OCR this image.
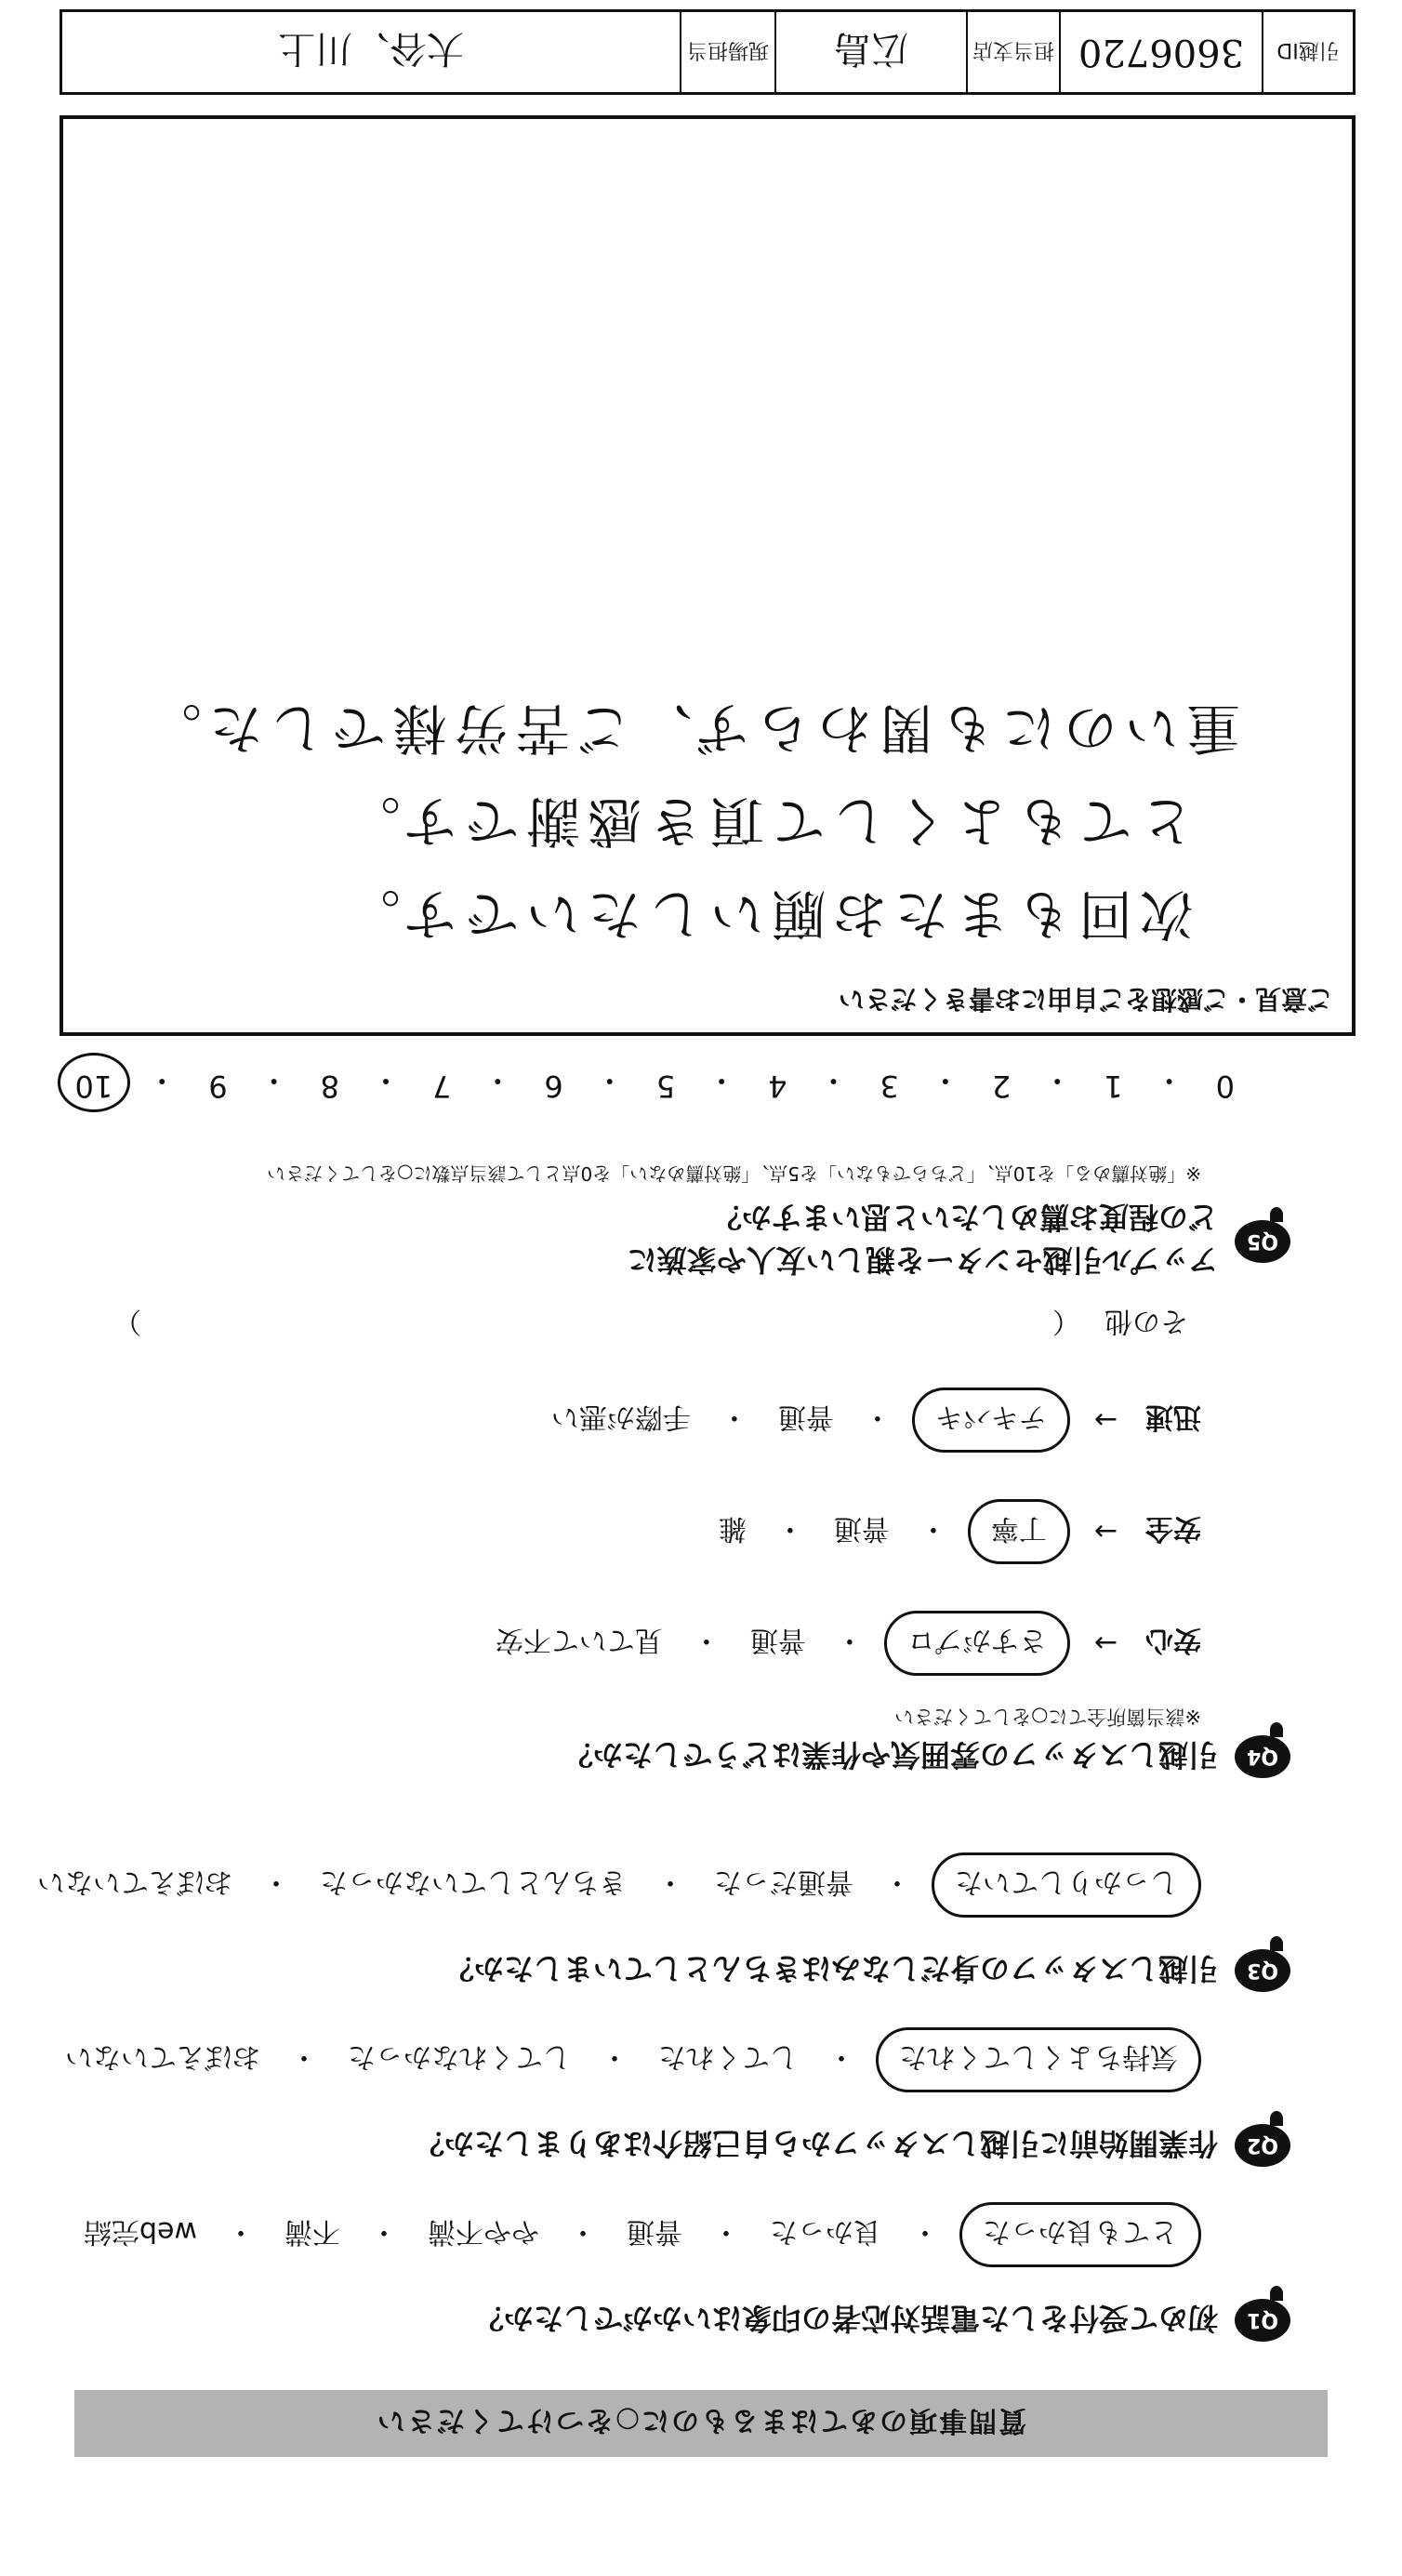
質問事項のあてはまるものに○をつけてください
Q1
初めて受付をした電話対応者の印象はいかがでしたか？
とても良かった
・
良かった
・
普通
・
やや不満
・
不満
・
web完結
Q2
作業開始前に引越しスタッフから自己紹介はありましたか？
気持ちよくしてくれた
・
してくれた
・
してくれなかった
・
おぼえていない
Q3
引越しスタッフの身だしなみはきちんとしていましたか？
しっかりしていた
・
普通だった
・
きちんとしていなかった
・
おぼえていない
Q4
引越しスタッフの雰囲気や作業はどうでしたか？
※該当箇所全てに○をしてください
安心
→
さすがプロ
・
普通
・
見ていて不安
安全
→
丁寧
・
普通
・
雑
迅速
→
テキパキ
・
普通
・
手際が悪い
その他
（
）
Q5
アップル引越センターを親しい友人や家族に
どの程度お薦めしたいと思いますか？
※「絶対薦める」を10点、「どちらでもない」を5点、「絶対薦めない」を0点として該当点数に○をしてください
0
・
1
・
2
・
3
・
4
・
5
・
6
・
7
・
8
・
9
・
10
ご意見・ご感想をご自由にお書きください
次回もまたお願いしたいです。
とてもよくして頂き感謝です。
重いのにも関わらず、ご苦労様でした。
引越ID
3606720
担当支店
広島
現場担当
大谷、川上
